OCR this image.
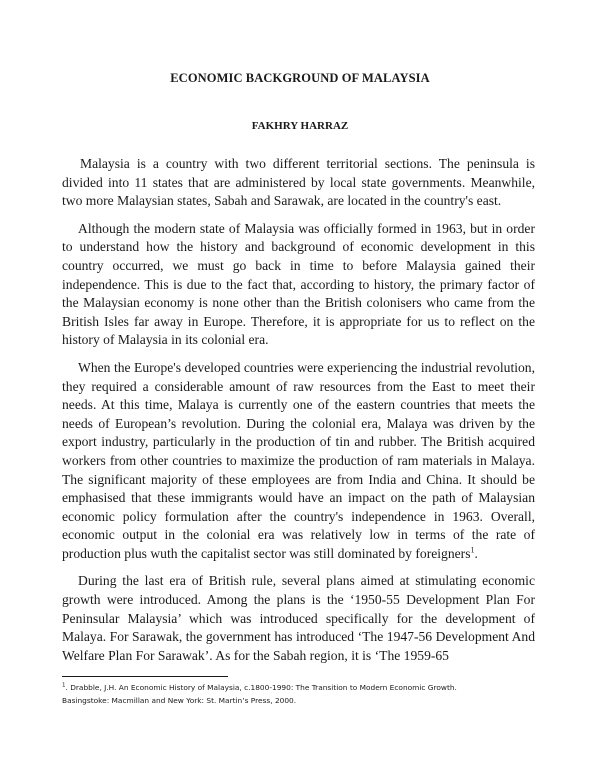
ECONOMIC BACKGROUND OF MALAYSIA
FAKHRY HARRAZ

Malaysia is a country with two different territorial sections. The peninsula is divided into 11 states that are administered by local state governments. Meanwhile, two more Malaysian states, Sabah and Sarawak, are located in the country's east.

Although the modern state of Malaysia was officially formed in 1963, but in order to understand how the history and background of economic development in this country occurred, we must go back in time to before Malaysia gained their independence. This is due to the fact that, according to history, the primary factor of the Malaysian economy is none other than the British colonisers who came from the British Isles far away in Europe. Therefore, it is appropriate for us to reflect on the history of Malaysia in its colonial era.

When the Europe's developed countries were experiencing the industrial revolution, they required a considerable amount of raw resources from the East to meet their needs. At this time, Malaya is currently one of the eastern countries that meets the needs of European’s revolution. During the colonial era, Malaya was driven by the export industry, particularly in the production of tin and rubber. The British acquired workers from other countries to maximize the production of ram materials in Malaya. The significant majority of these employees are from India and China. It should be emphasised that these immigrants would have an impact on the path of Malaysian economic policy formulation after the country's independence in 1963. Overall, economic output in the colonial era was relatively low in terms of the rate of production plus wuth the capitalist sector was still dominated by foreigners$^1$.

During the last era of British rule, several plans aimed at stimulating economic growth were introduced. Among the plans is the ‘1950-55 Development Plan For Peninsular Malaysia’ which was introduced specifically for the development of Malaya. For Sarawak, the government has introduced ‘The 1947-56 Development And Welfare Plan For Sarawak’. As for the Sabah region, it is ‘The 1959-65

$^1$. Drabble, J.H. An Economic History of Malaysia, c.1800-1990: The Transition to Modern Economic Growth.
Basingstoke: Macmillan and New York: St. Martin’s Press, 2000.
